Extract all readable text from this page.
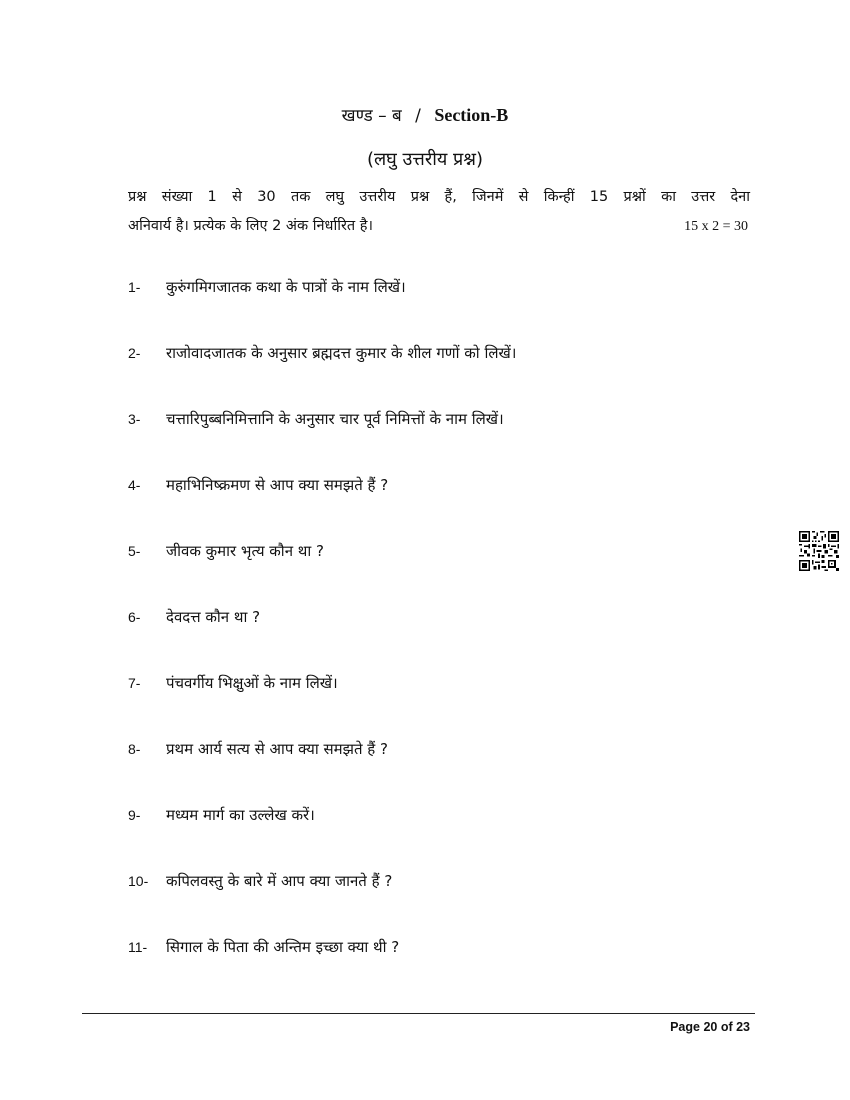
खण्ड – ब / Section-B
(लघु उत्तरीय प्रश्न)
प्रश्न संख्या 1 से 30 तक लघु उत्तरीय प्रश्न हैं, जिनमें से किन्हीं 15 प्रश्नों का उत्तर देना
अनिवार्य है। प्रत्येक के लिए 2 अंक निर्धारित है।	15 x 2 = 30
1-	कुरुंगमिगजातक कथा के पात्रों के नाम लिखें।
2-	राजोवादजातक के अनुसार ब्रह्मदत्त कुमार के शील गणों को लिखें।
3-	चत्तारिपुब्बनिमित्तानि के अनुसार चार पूर्व निमित्तों के नाम लिखें।
4-	महाभिनिष्क्रमण से आप क्या समझते हैं ?
5-	जीवक कुमार भृत्य कौन था ?
6-	देवदत्त कौन था ?
7-	पंचवर्गीय भिक्षुओं के नाम लिखें।
8-	प्रथम आर्य सत्य से आप क्या समझते हैं ?
9-	मध्यम मार्ग का उल्लेख करें।
10-	कपिलवस्तु के बारे में आप क्या जानते हैं ?
11-	सिगाल के पिता की अन्तिम इच्छा क्या थी ?
Page 20 of 23
